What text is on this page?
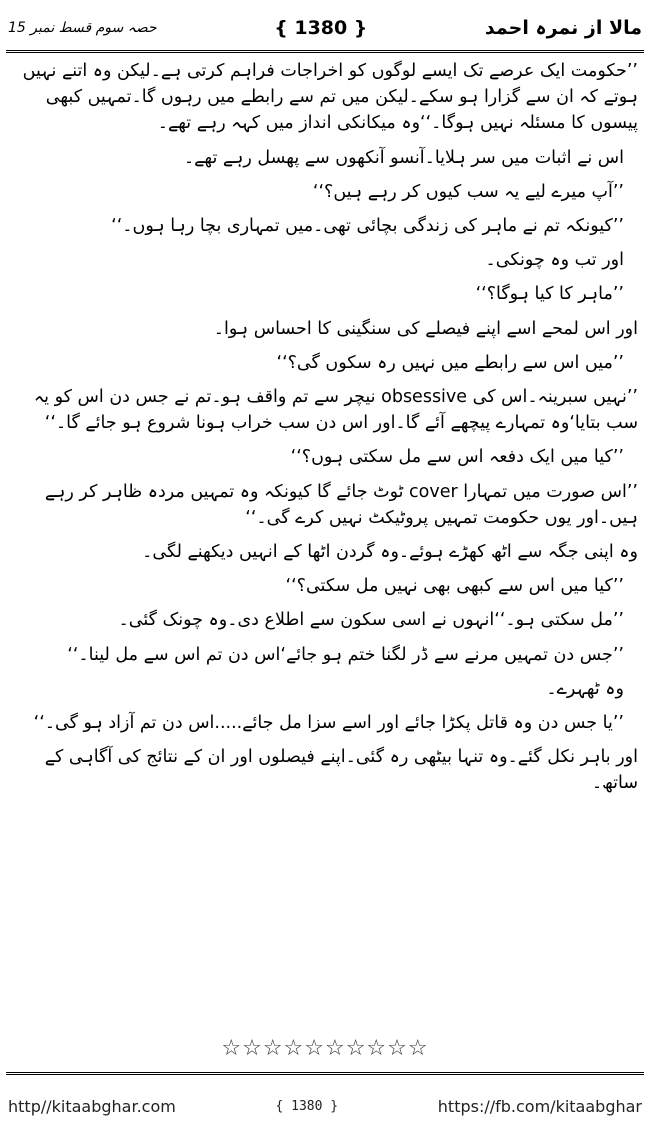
حصہ سوم قسط نمبر 15	{ 1380 }	مالا از نمرہ احمد

’’حکومت ایک عرصے تک ایسے لوگوں کو اخراجات فراہم کرتی ہے۔لیکن وہ اتنے نہیں ہوتے کہ ان سے گزارا ہو سکے۔لیکن میں تم سے رابطے میں رہوں گا۔تمہیں کبھی پیسوں کا مسئلہ نہیں ہوگا۔‘‘وہ میکانکی انداز میں کہہ رہے تھے۔

اس نے اثبات میں سر ہلایا۔آنسو آنکھوں سے پھسل رہے تھے۔

’’آپ میرے لیے یہ سب کیوں کر رہے ہیں؟‘‘

’’کیونکہ تم نے ماہر کی زندگی بچائی تھی۔میں تمہاری بچا رہا ہوں۔‘‘

اور تب وہ چونکی۔

’’ماہر کا کیا ہوگا؟‘‘

اور اس لمحے اسے اپنے فیصلے کی سنگینی کا احساس ہوا۔

’’میں اس سے رابطے میں نہیں رہ سکوں گی؟‘‘

’’نہیں سبرینہ۔اس کی obsessive نیچر سے تم واقف ہو۔تم نے جس دن اس کو یہ سب بتایا‘وہ تمہارے پیچھے آئے گا۔اور اس دن سب خراب ہونا شروع ہو جائے گا۔‘‘

’’کیا میں ایک دفعہ اس سے مل سکتی ہوں؟‘‘

’’اس صورت میں تمہارا cover ٹوٹ جائے گا کیونکہ وہ تمہیں مردہ ظاہر کر رہے ہیں۔اور یوں حکومت تمہیں پروٹیکٹ نہیں کرے گی۔‘‘

وہ اپنی جگہ سے اٹھ کھڑے ہوئے۔وہ گردن اٹھا کے انہیں دیکھنے لگی۔

’’کیا میں اس سے کبھی بھی نہیں مل سکتی؟‘‘

’’مل سکتی ہو۔‘‘انہوں نے اسی سکون سے اطلاع دی۔وہ چونک گئی۔

’’جس دن تمہیں مرنے سے ڈر لگنا ختم ہو جائے‘اس دن تم اس سے مل لینا۔‘‘

وہ ٹھہرے۔

’’یا جس دن وہ قاتل پکڑا جائے اور اسے سزا مل جائے.....اس دن تم آزاد ہو گی۔‘‘

اور باہر نکل گئے۔وہ تنہا بیٹھی رہ گئی۔اپنے فیصلوں اور ان کے نتائج کی آگاہی کے ساتھ۔

☆☆☆☆☆☆☆☆☆☆
http//kitaabghar.com	{ 1380 }	https://fb.com/kitaabghar
